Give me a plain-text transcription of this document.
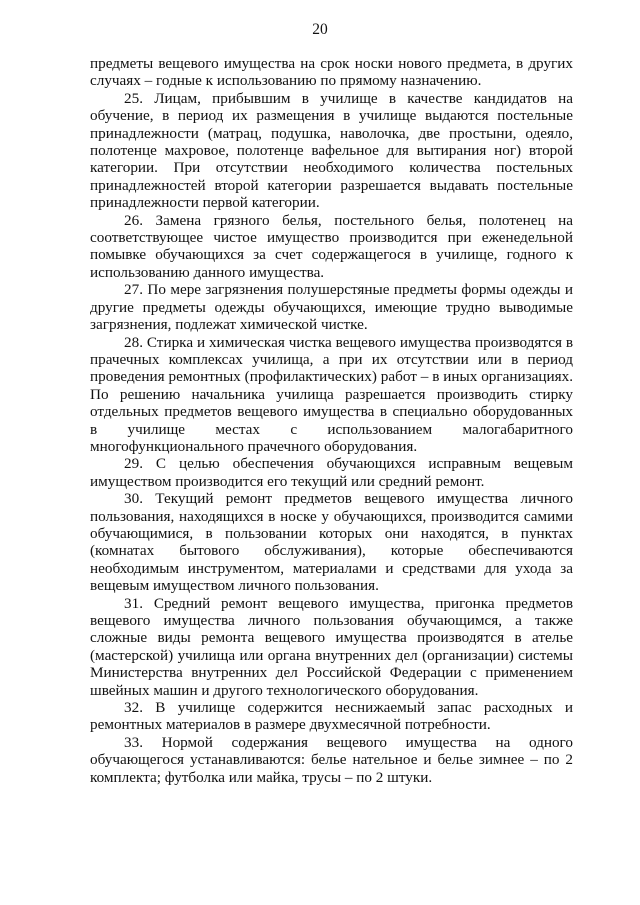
20

предметы вещевого имущества на срок носки нового предмета, в других случаях – годные к использованию по прямому назначению.

25. Лицам, прибывшим в училище в качестве кандидатов на обучение, в период их размещения в училище выдаются постельные принадлежности (матрац, подушка, наволочка, две простыни, одеяло, полотенце махровое, полотенце вафельное для вытирания ног) второй категории. При отсутствии необходимого количества постельных принадлежностей второй категории разрешается выдавать постельные принадлежности первой категории.

26. Замена грязного белья, постельного белья, полотенец на соответствующее чистое имущество производится при еженедельной помывке обучающихся за счет содержащегося в училище, годного к использованию данного имущества.

27. По мере загрязнения полушерстяные предметы формы одежды и другие предметы одежды обучающихся, имеющие трудно выводимые загрязнения, подлежат химической чистке.

28. Стирка и химическая чистка вещевого имущества производятся в прачечных комплексах училища, а при их отсутствии или в период проведения ремонтных (профилактических) работ – в иных организациях. По решению начальника училища разрешается производить стирку отдельных предметов вещевого имущества в специально оборудованных в училище местах с использованием малогабаритного многофункционального прачечного оборудования.

29. С целью обеспечения обучающихся исправным вещевым имуществом производится его текущий или средний ремонт.

30. Текущий ремонт предметов вещевого имущества личного пользования, находящихся в носке у обучающихся, производится самими обучающимися, в пользовании которых они находятся, в пунктах (комнатах бытового обслуживания), которые обеспечиваются необходимым инструментом, материалами и средствами для ухода за вещевым имуществом личного пользования.

31. Средний ремонт вещевого имущества, пригонка предметов вещевого имущества личного пользования обучающимся, а также сложные виды ремонта вещевого имущества производятся в ателье (мастерской) училища или органа внутренних дел (организации) системы Министерства внутренних дел Российской Федерации с применением швейных машин и другого технологического оборудования.

32. В училище содержится неснижаемый запас расходных и ремонтных материалов в размере двухмесячной потребности.

33. Нормой содержания вещевого имущества на одного обучающегося устанавливаются: белье нательное и белье зимнее – по 2 комплекта; футболка или майка, трусы – по 2 штуки.
